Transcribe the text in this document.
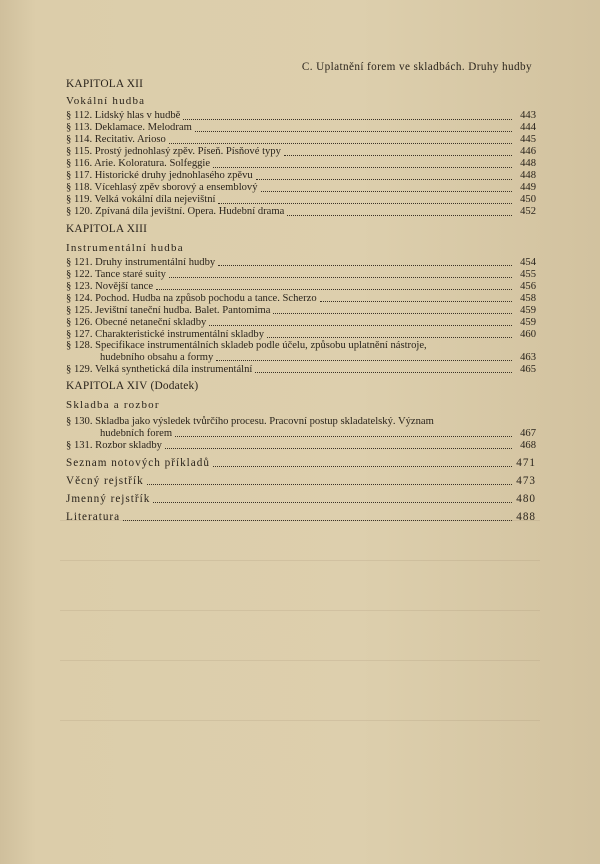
C. Uplatnění forem ve skladbách. Druhy hudby
KAPITOLA XII
Vokální hudba
§ 112. Lidský hlas v hudbě	443
§ 113. Deklamace. Melodram	444
§ 114. Recitativ. Arioso	445
§ 115. Prostý jednohlasý zpěv. Píseň. Písňové typy	446
§ 116. Arie. Koloratura. Solfeggie	448
§ 117. Historické druhy jednohlasého zpěvu	448
§ 118. Vícehlasý zpěv sborový a ensemblový	449
§ 119. Velká vokální díla nejevištní	450
§ 120. Zpívaná díla jevištní. Opera. Hudební drama	452
KAPITOLA XIII
Instrumentální hudba
§ 121. Druhy instrumentální hudby	454
§ 122. Tance staré suity	455
§ 123. Novější tance	456
§ 124. Pochod. Hudba na způsob pochodu a tance. Scherzo	458
§ 125. Jevištní taneční hudba. Balet. Pantomima	459
§ 126. Obecné netaneční skladby	459
§ 127. Charakteristické instrumentální skladby	460
§ 128. Specifikace instrumentálních skladeb podle účelu, způsobu uplatnění nástroje,
hudebního obsahu a formy	463
§ 129. Velká synthetická díla instrumentální	465
KAPITOLA XIV (Dodatek)
Skladba a rozbor
§ 130. Skladba jako výsledek tvůrčího procesu. Pracovní postup skladatelský. Význam
hudebních forem	467
§ 131. Rozbor skladby	468
Seznam notových příkladů	471
Věcný rejstřík	473
Jmenný rejstřík	480
Literatura	488
